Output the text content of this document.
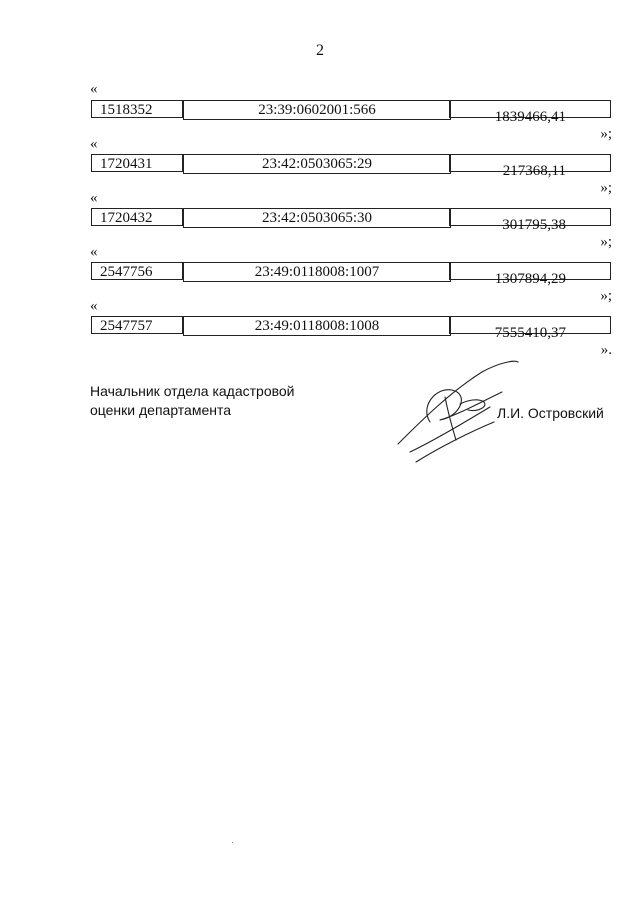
2
«
1518352	23:39:0602001:566	1839466,41
»;
«
1720431	23:42:0503065:29	217368,11
»;
«
1720432	23:42:0503065:30	301795,38
»;
«
2547756	23:49:0118008:1007	1307894,29
»;
«
2547757	23:49:0118008:1008	7555410,37
».
Начальник отдела кадастровой
оценки департамента	Л.И. Островский
